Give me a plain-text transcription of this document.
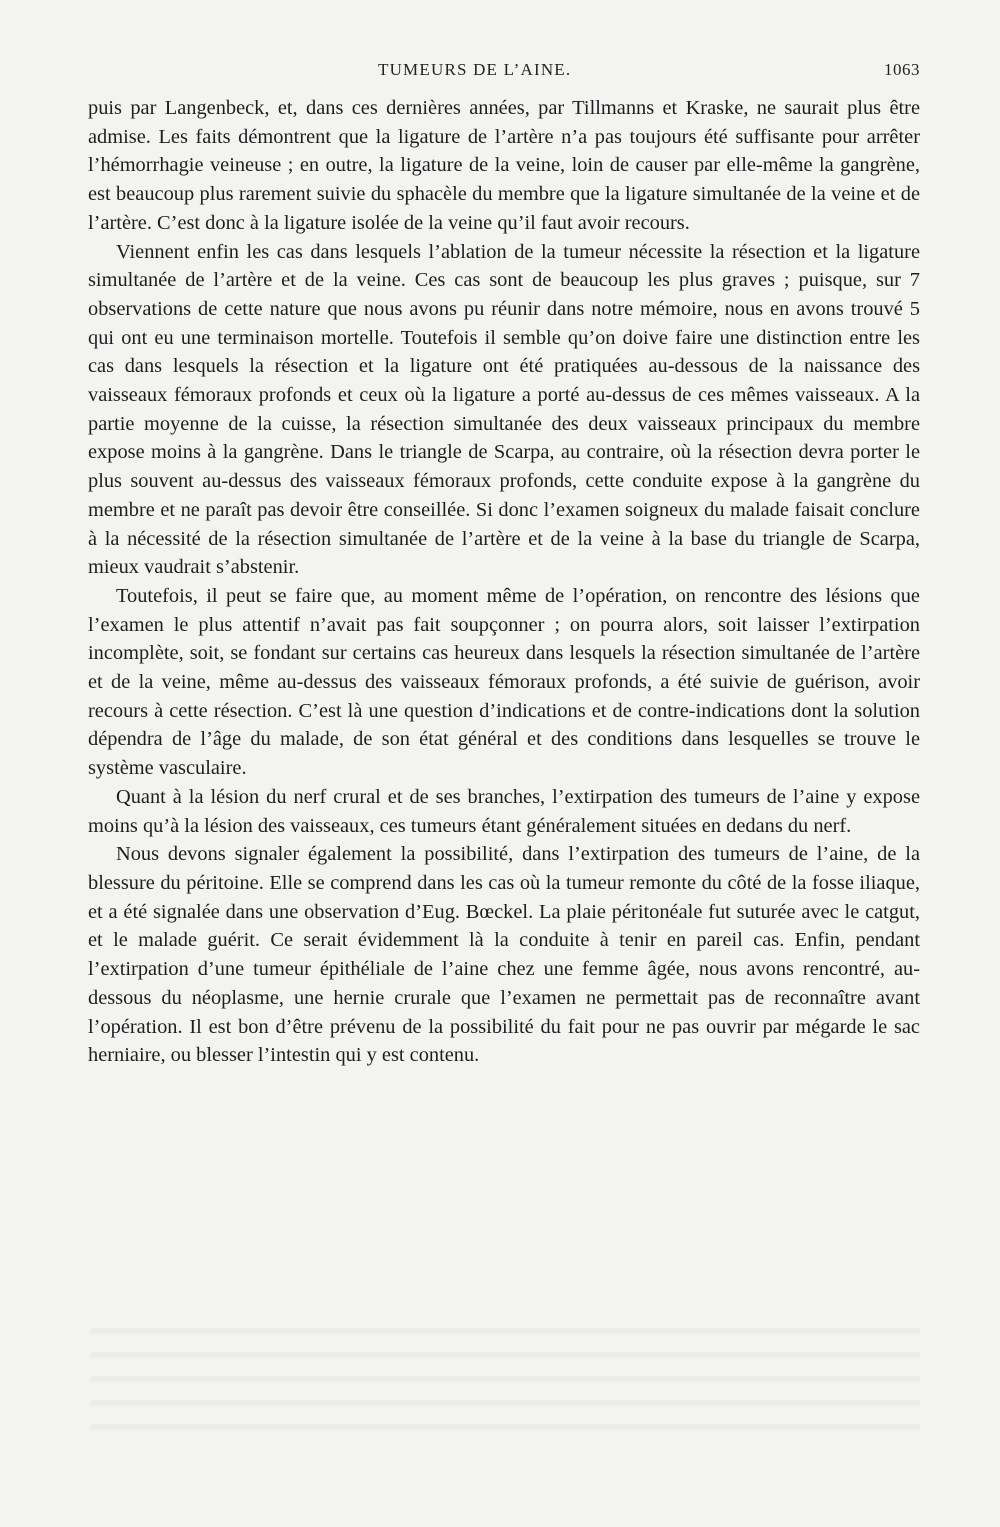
TUMEURS DE L’AINE.	1063

puis par Langenbeck, et, dans ces dernières années, par Tillmanns et Kraske, ne saurait plus être admise. Les faits démontrent que la ligature de l’artère n’a pas toujours été suffisante pour arrêter l’hémorrhagie veineuse ; en outre, la ligature de la veine, loin de causer par elle-même la gangrène, est beaucoup plus rarement suivie du sphacèle du membre que la ligature simultanée de la veine et de l’artère. C’est donc à la ligature isolée de la veine qu’il faut avoir recours.

Viennent enfin les cas dans lesquels l’ablation de la tumeur nécessite la résection et la ligature simultanée de l’artère et de la veine. Ces cas sont de beaucoup les plus graves ; puisque, sur 7 observations de cette nature que nous avons pu réunir dans notre mémoire, nous en avons trouvé 5 qui ont eu une terminaison mortelle. Toutefois il semble qu’on doive faire une distinction entre les cas dans lesquels la résection et la ligature ont été pratiquées au-dessous de la naissance des vaisseaux fémoraux profonds et ceux où la ligature a porté au-dessus de ces mêmes vaisseaux. A la partie moyenne de la cuisse, la résection simultanée des deux vaisseaux principaux du membre expose moins à la gangrène. Dans le triangle de Scarpa, au contraire, où la résection devra porter le plus souvent au-dessus des vaisseaux fémoraux profonds, cette conduite expose à la gangrène du membre et ne paraît pas devoir être conseillée. Si donc l’examen soigneux du malade faisait conclure à la nécessité de la résection simultanée de l’artère et de la veine à la base du triangle de Scarpa, mieux vaudrait s’abstenir.

Toutefois, il peut se faire que, au moment même de l’opération, on rencontre des lésions que l’examen le plus attentif n’avait pas fait soupçonner ; on pourra alors, soit laisser l’extirpation incomplète, soit, se fondant sur certains cas heureux dans lesquels la résection simultanée de l’artère et de la veine, même au-dessus des vaisseaux fémoraux profonds, a été suivie de guérison, avoir recours à cette résection. C’est là une question d’indications et de contre-indications dont la solution dépendra de l’âge du malade, de son état général et des conditions dans lesquelles se trouve le système vasculaire.

Quant à la lésion du nerf crural et de ses branches, l’extirpation des tumeurs de l’aine y expose moins qu’à la lésion des vaisseaux, ces tumeurs étant généralement situées en dedans du nerf.

Nous devons signaler également la possibilité, dans l’extirpation des tumeurs de l’aine, de la blessure du péritoine. Elle se comprend dans les cas où la tumeur remonte du côté de la fosse iliaque, et a été signalée dans une observation d’Eug. Bœckel. La plaie péritonéale fut suturée avec le catgut, et le malade guérit. Ce serait évidemment là la conduite à tenir en pareil cas. Enfin, pendant l’extirpation d’une tumeur épithéliale de l’aine chez une femme âgée, nous avons rencontré, au-dessous du néoplasme, une hernie crurale que l’examen ne permettait pas de reconnaître avant l’opération. Il est bon d’être prévenu de la possibilité du fait pour ne pas ouvrir par mégarde le sac herniaire, ou blesser l’intestin qui y est contenu.
